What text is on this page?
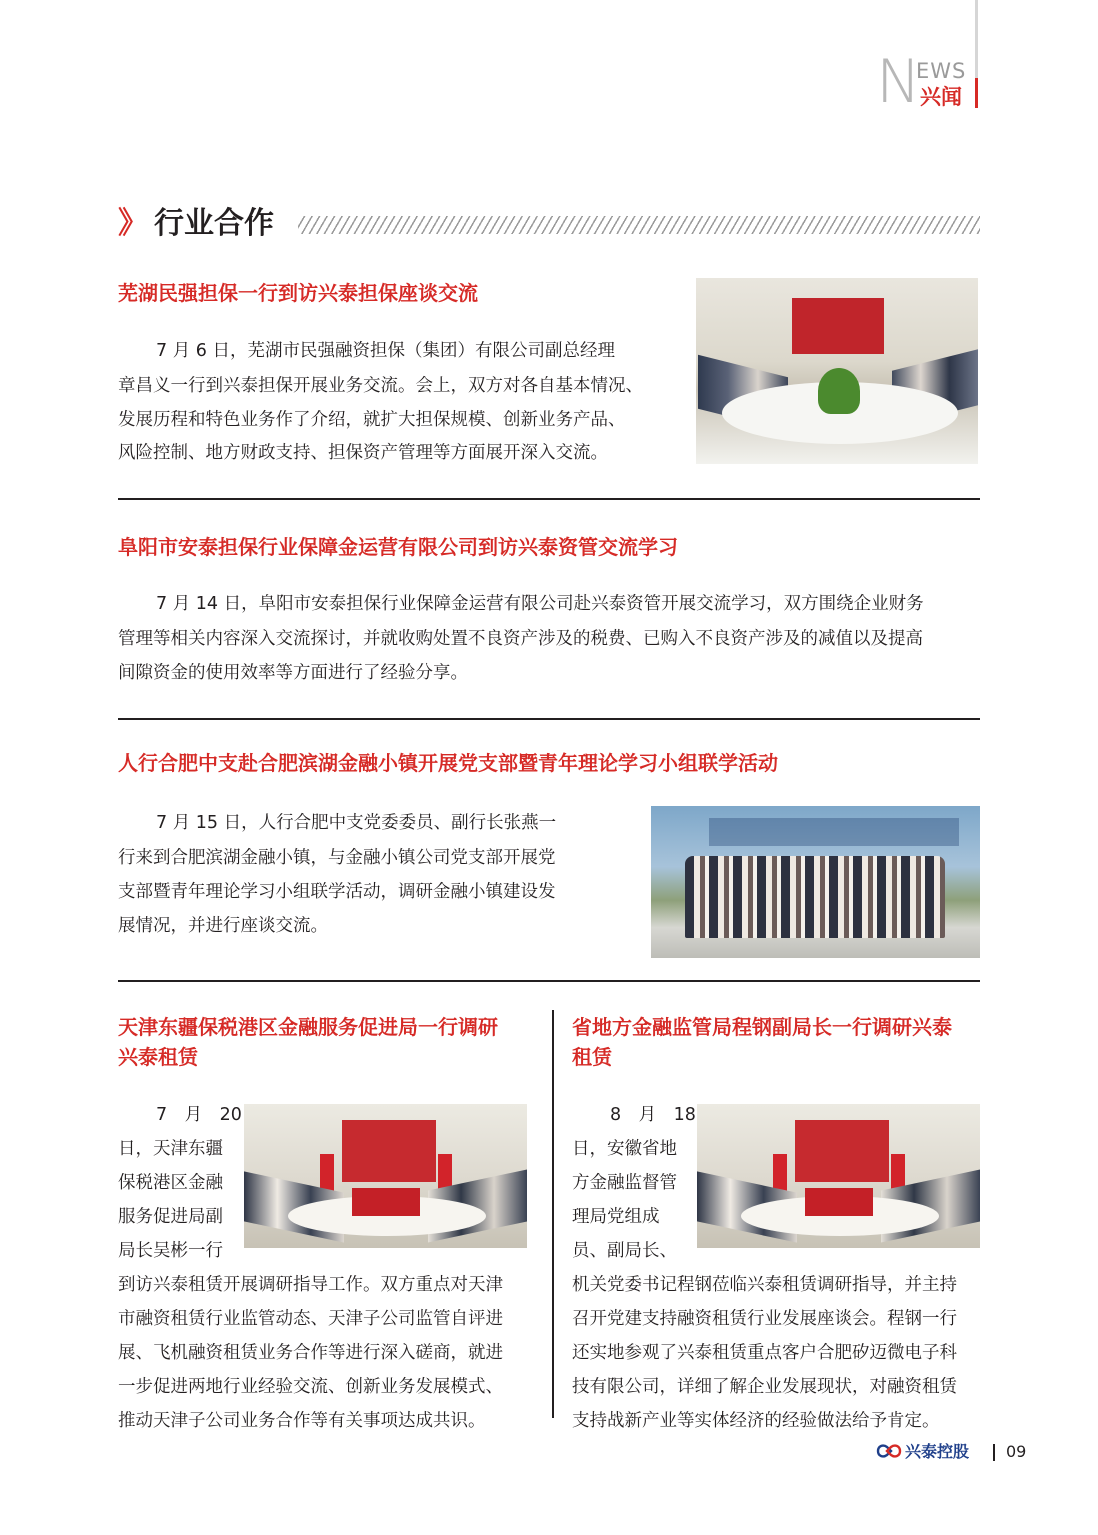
N
EWS
兴闻
》 行业合作
芜湖民强担保一行到访兴泰担保座谈交流
7 月 6 日，芜湖市民强融资担保（集团）有限公司副总经理
章昌义一行到兴泰担保开展业务交流。会上，双方对各自基本情况、
发展历程和特色业务作了介绍，就扩大担保规模、创新业务产品、
风险控制、地方财政支持、担保资产管理等方面展开深入交流。
阜阳市安泰担保行业保障金运营有限公司到访兴泰资管交流学习
7 月 14 日，阜阳市安泰担保行业保障金运营有限公司赴兴泰资管开展交流学习，双方围绕企业财务
管理等相关内容深入交流探讨，并就收购处置不良资产涉及的税费、已购入不良资产涉及的减值以及提高
间隙资金的使用效率等方面进行了经验分享。
人行合肥中支赴合肥滨湖金融小镇开展党支部暨青年理论学习小组联学活动
7 月 15 日，人行合肥中支党委委员、副行长张燕一
行来到合肥滨湖金融小镇，与金融小镇公司党支部开展党
支部暨青年理论学习小组联学活动，调研金融小镇建设发
展情况，并进行座谈交流。
天津东疆保税港区金融服务促进局一行调研
兴泰租赁
7　月　20
日，天津东疆
保税港区金融
服务促进局副
局长吴彬一行
到访兴泰租赁开展调研指导工作。双方重点对天津
市融资租赁行业监管动态、天津子公司监管自评进
展、飞机融资租赁业务合作等进行深入磋商，就进
一步促进两地行业经验交流、创新业务发展模式、
推动天津子公司业务合作等有关事项达成共识。
省地方金融监管局程钢副局长一行调研兴泰
租赁
8　月　18
日，安徽省地
方金融监督管
理局党组成
员、副局长、
机关党委书记程钢莅临兴泰租赁调研指导，并主持
召开党建支持融资租赁行业发展座谈会。程钢一行
还实地参观了兴泰租赁重点客户合肥矽迈微电子科
技有限公司，详细了解企业发展现状，对融资租赁
支持战新产业等实体经济的经验做法给予肯定。
兴泰控股 09
